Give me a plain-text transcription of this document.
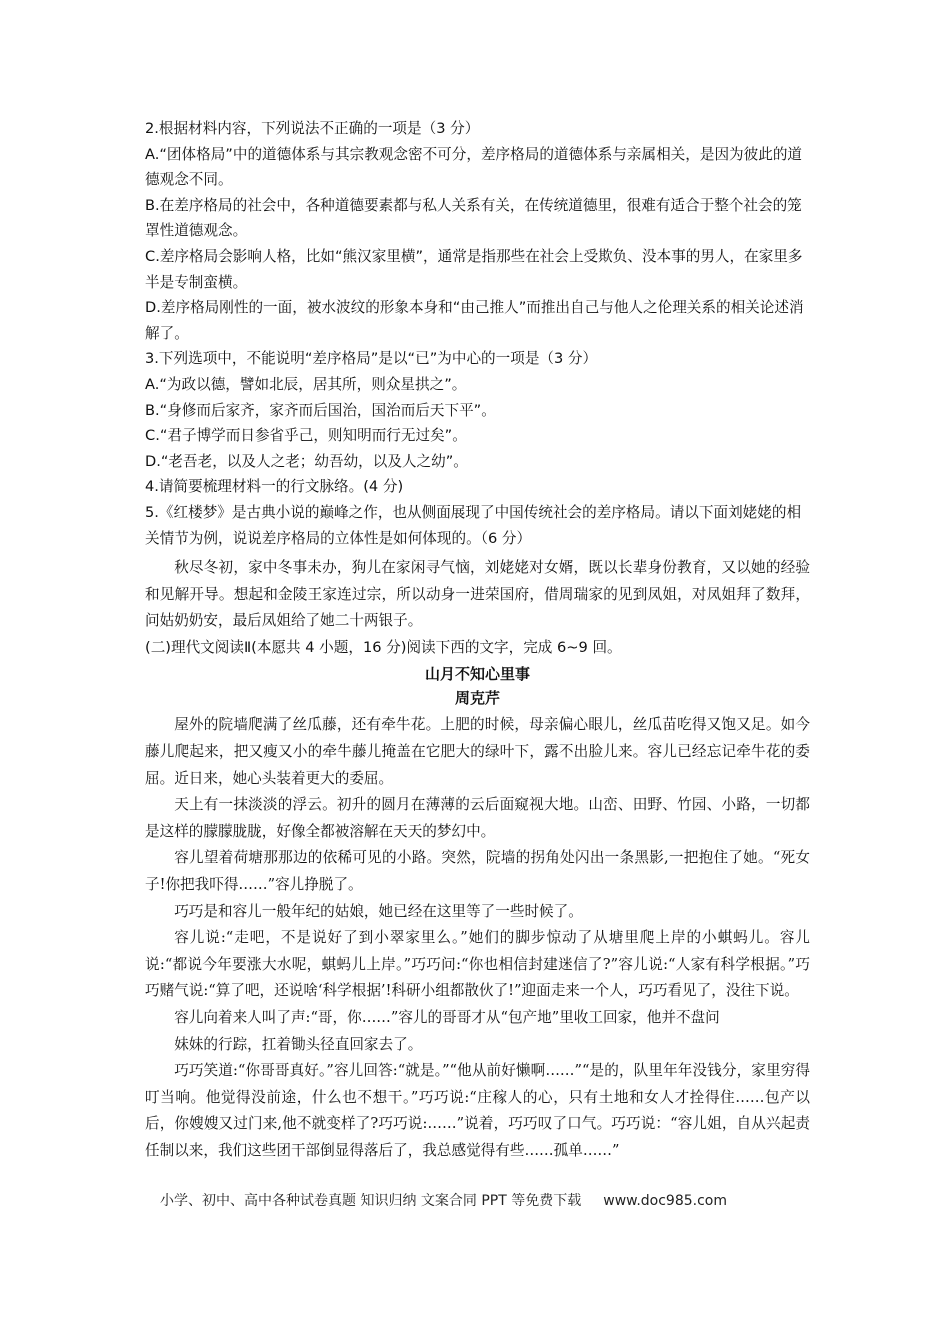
2.根据材料内容，下列说法不正确的一项是（3 分）

A.“团体格局”中的道德体系与其宗教观念密不可分，差序格局的道德体系与亲属相关，是因为彼此的道德观念不同。

B.在差序格局的社会中，各种道德要素都与私人关系有关，在传统道德里，很难有适合于整个社会的笼罩性道德观念。

C.差序格局会影响人格，比如“熊汉家里横”，通常是指那些在社会上受欺负、没本事的男人，在家里多半是专制蛮横。

D.差序格局刚性的一面，被水波纹的形象本身和“由己推人”而推出自己与他人之伦理关系的相关论述消解了。

3.下列选项中，不能说明“差序格局”是以“已”为中心的一项是（3 分）

A.“为政以德，譬如北辰，居其所，则众星拱之”。

B.“身修而后家齐，家齐而后国治，国治而后天下平”。

C.“君子博学而日参省乎己，则知明而行无过矣”。

D.“老吾老，以及人之老；幼吾幼，以及人之幼”。

4.请简要梳理材料一的行文脉络。(4 分)

5.《红楼梦》是古典小说的巅峰之作，也从侧面展现了中国传统社会的差序格局。请以下面刘姥姥的相关情节为例，说说差序格局的立体性是如何体现的。（6 分）

秋尽冬初，家中冬事未办，狗儿在家闲寻气恼，刘姥姥对女婿，既以长辈身份教育，又以她的经验和见解开导。想起和金陵王家连过宗，所以动身一进荣国府，借周瑞家的见到凤姐，对凤姐拜了数拜，问姑奶奶安，最后凤姐给了她二十两银子。

(二)理代文阅读Ⅱ(本愿共 4 小题，16 分)阅读下西的文字，完成 6~9 回。

山月不知心里事
周克芹

屋外的院墙爬满了丝瓜藤，还有牵牛花。上肥的时候，母亲偏心眼儿，丝瓜苗吃得又饱又足。如今藤儿爬起来，把又瘦又小的牵牛藤儿掩盖在它肥大的绿叶下，露不出脸儿来。容儿已经忘记牵牛花的委屈。近日来，她心头装着更大的委屈。

天上有一抹淡淡的浮云。初升的圆月在薄薄的云后面窥视大地。山峦、田野、竹园、小路，一切都是这样的朦朦胧胧，好像全都被溶解在天天的梦幻中。

容儿望着荷塘那那边的依稀可见的小路。突然，院墙的拐角处闪出一条黑影,一把抱住了她。“死女子!你把我吓得……”容儿挣脱了。

巧巧是和容儿一般年纪的姑娘，她已经在这里等了一些时候了。

容儿说:“走吧，不是说好了到小翠家里么。”她们的脚步惊动了从塘里爬上岸的小蜞蚂儿。容儿说:“都说今年要涨大水呢，蜞蚂儿上岸。”巧巧问:“你也相信封建迷信了?”容儿说:“人家有科学根据。”巧巧赌气说:“算了吧，还说啥‘科学根据’!科研小组都散伙了!”迎面走来一个人，巧巧看见了，没往下说。

容儿向着来人叫了声:“哥，你……”容儿的哥哥才从“包产地”里收工回家，他并不盘问

妹妹的行踪，扛着锄头径直回家去了。

巧巧笑道:“你哥哥真好。”容儿回答:“就是。”“他从前好懒啊……”“是的，队里年年没钱分，家里穷得叮当响。他觉得没前途，什么也不想干。”巧巧说:“庄稼人的心，只有土地和女人才拴得住……包产以后，你嫂嫂又过门来,他不就变样了?巧巧说:……”说着，巧巧叹了口气。巧巧说：“容儿姐，自从兴起责任制以来，我们这些团干部倒显得落后了，我总感觉得有些……孤单……”

小学、初中、高中各种试卷真题 知识归纳 文案合同 PPT 等免费下载 www.doc985.com
